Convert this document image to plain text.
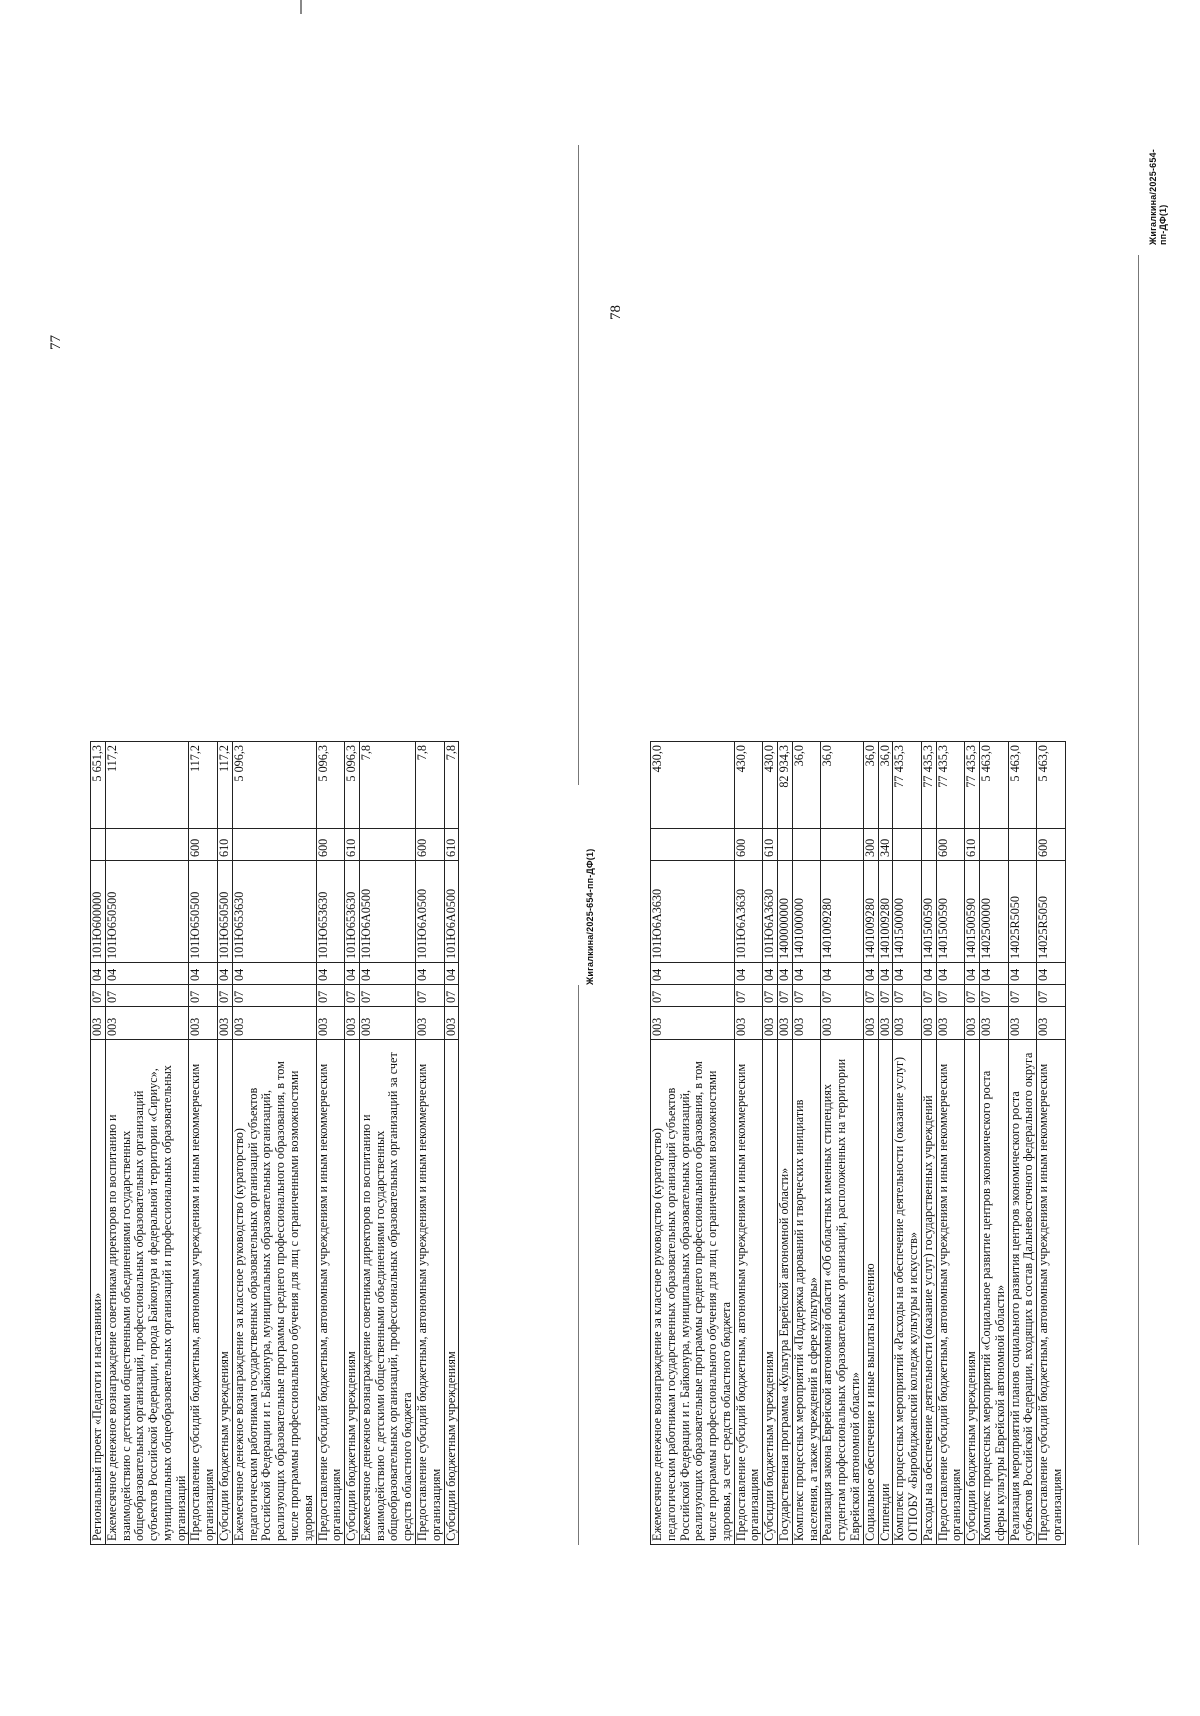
77
Региональный проект «Педагоги и наставники»	003	07	04	101Ю600000		5 651,3
Ежемесячное денежное вознаграждение советникам директоров по воспитанию и взаимодействию с детскими общественными объединениями государственных общеобразовательных организаций, профессиональных образовательных организаций субъектов Российской Федерации, города Байконура и федеральной территории «Сириус», муниципальных общеобразовательных организаций и профессиональных образовательных организаций	003	07	04	101Ю650500		117,2
Предоставление субсидий бюджетным, автономным учреждениям и иным некоммерческим организациям	003	07	04	101Ю650500	600	117,2
Субсидии бюджетным учреждениям	003	07	04	101Ю650500	610	117,2
Ежемесячное денежное вознаграждение за классное руководство (кураторство) педагогическим работникам государственных образовательных организаций субъектов Российской Федерации и г. Байконура, муниципальных образовательных организаций, реализующих образовательные программы среднего профессионального образования, в том числе программы профессионального обучения для лиц с ограниченными возможностями здоровья	003	07	04	101Ю653630		5 096,3
Предоставление субсидий бюджетным, автономным учреждениям и иным некоммерческим организациям	003	07	04	101Ю653630	600	5 096,3
Субсидии бюджетным учреждениям	003	07	04	101Ю653630	610	5 096,3
Ежемесячное денежное вознаграждение советникам директоров по воспитанию и взаимодействию с детскими общественными объединениями государственных общеобразовательных организаций, профессиональных образовательных организаций за счет средств областного бюджета	003	07	04	101Ю6А0500		7,8
Предоставление субсидий бюджетным, автономным учреждениям и иным некоммерческим организациям	003	07	04	101Ю6А0500	600	7,8
Субсидии бюджетным учреждениям	003	07	04	101Ю6А0500	610	7,8
Жигалкина/2025-654-пп-ДФ(1)
78
Ежемесячное денежное вознаграждение за классное руководство (кураторство) педагогическим работникам государственных образовательных организаций субъектов Российской Федерации и г. Байконура, муниципальных образовательных организаций, реализующих образовательные программы среднего профессионального образования, в том числе программы профессионального обучения для лиц с ограниченными возможностями здоровья, за счет средств областного бюджета	003	07	04	101Ю6А3630		430,0
Предоставление субсидий бюджетным, автономным учреждениям и иным некоммерческим организациям	003	07	04	101Ю6А3630	600	430,0
Субсидии бюджетным учреждениям	003	07	04	101Ю6А3630	610	430,0
Государственная программа «Культура Еврейской автономной области»	003	07	04	1400000000		82 934,3
Комплекс процессных мероприятий «Поддержка дарований и творческих инициатив населения, а также учреждений в сфере культуры»	003	07	04	1401000000		36,0
Реализация закона Еврейской автономной области «Об областных именных стипендиях студентам профессиональных образовательных организаций, расположенных на территории Еврейской автономной области»	003	07	04	1401009280		36,0
Социальное обеспечение и иные выплаты населению	003	07	04	1401009280	300	36,0
Стипендии	003	07	04	1401009280	340	36,0
Комплекс процессных мероприятий «Расходы на обеспечение деятельности (оказание услуг) ОГПОБУ «Биробиджанский колледж культуры и искусств»	003	07	04	1401500000		77 435,3
Расходы на обеспечение деятельности (оказание услуг) государственных учреждений	003	07	04	1401500590		77 435,3
Предоставление субсидий бюджетным, автономным учреждениям и иным некоммерческим организациям	003	07	04	1401500590	600	77 435,3
Субсидии бюджетным учреждениям	003	07	04	1401500590	610	77 435,3
Комплекс процессных мероприятий «Социальное развитие центров экономического роста сферы культуры Еврейской автономной области»	003	07	04	1402500000		5 463,0
Реализация мероприятий планов социального развития центров экономического роста субъектов Российской Федерации, входящих в состав Дальневосточного федерального округа	003	07	04	14025R5050		5 463,0
Предоставление субсидий бюджетным, автономным учреждениям и иным некоммерческим организациям	003	07	04	14025R5050	600	5 463,0
Жигалкина/2025-654-пп-ДФ(1)
